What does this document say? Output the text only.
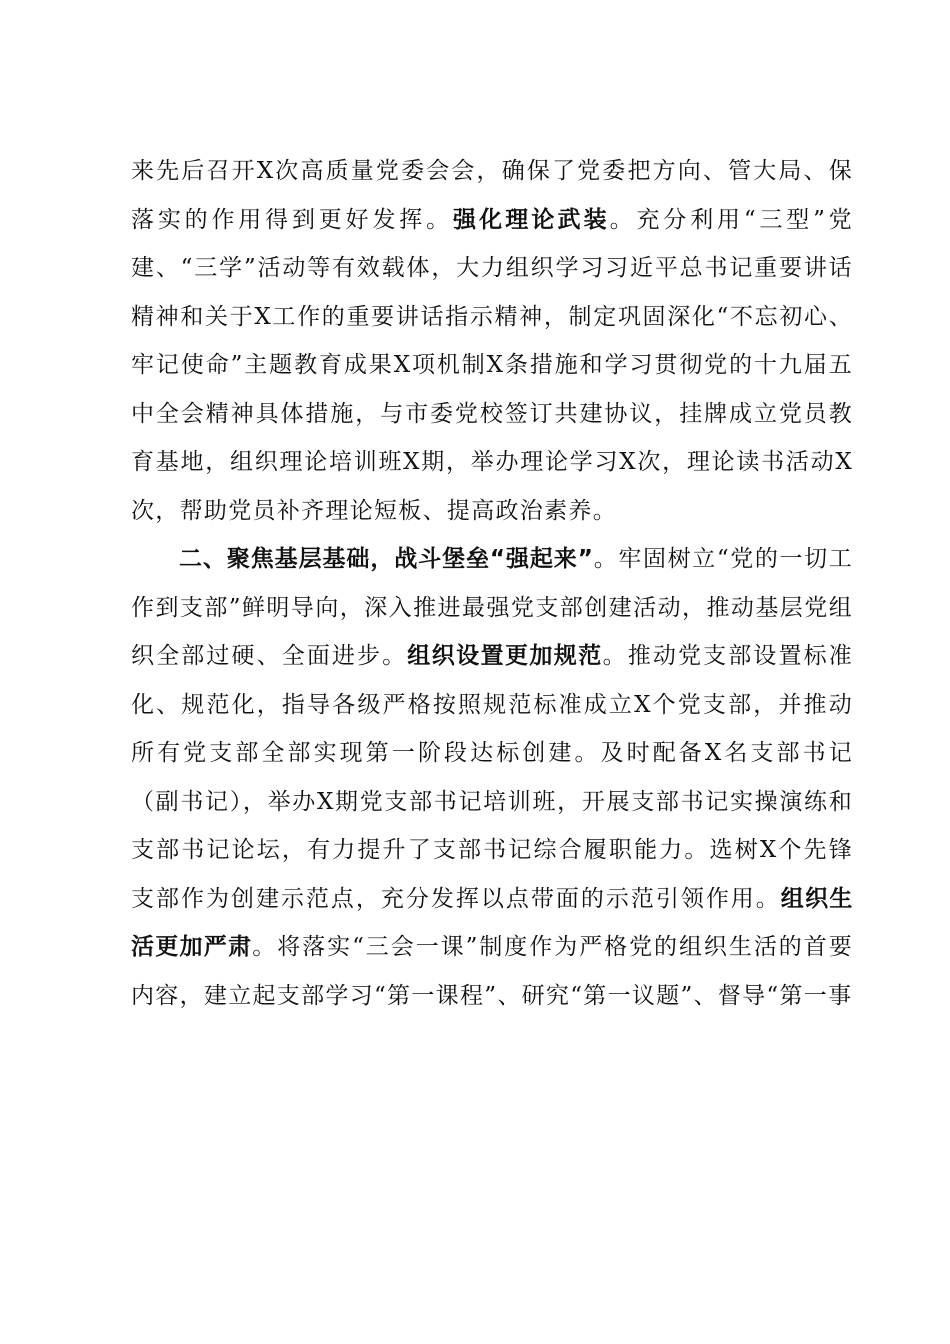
来先后召开X次高质量党委会会，确保了党委把方向、管大局、保落实的作用得到更好发挥。强化理论武装。充分利用“三型”党建、“三学”活动等有效载体，大力组织学习习近平总书记重要讲话精神和关于X工作的重要讲话指示精神，制定巩固深化“不忘初心、牢记使命”主题教育成果X项机制X条措施和学习贯彻党的十九届五中全会精神具体措施，与市委党校签订共建协议，挂牌成立党员教育基地，组织理论培训班X期，举办理论学习X次，理论读书活动X次，帮助党员补齐理论短板、提高政治素养。

二、聚焦基层基础，战斗堡垒“强起来”。牢固树立“党的一切工作到支部”鲜明导向，深入推进最强党支部创建活动，推动基层党组织全部过硬、全面进步。组织设置更加规范。推动党支部设置标准化、规范化，指导各级严格按照规范标准成立X个党支部，并推动所有党支部全部实现第一阶段达标创建。及时配备X名支部书记（副书记），举办X期党支部书记培训班，开展支部书记实操演练和支部书记论坛，有力提升了支部书记综合履职能力。选树X个先锋支部作为创建示范点，充分发挥以点带面的示范引领作用。组织生活更加严肃。将落实“三会一课”制度作为严格党的组织生活的首要内容，建立起支部学习“第一课程”、研究“第一议题”、督导“第一事
